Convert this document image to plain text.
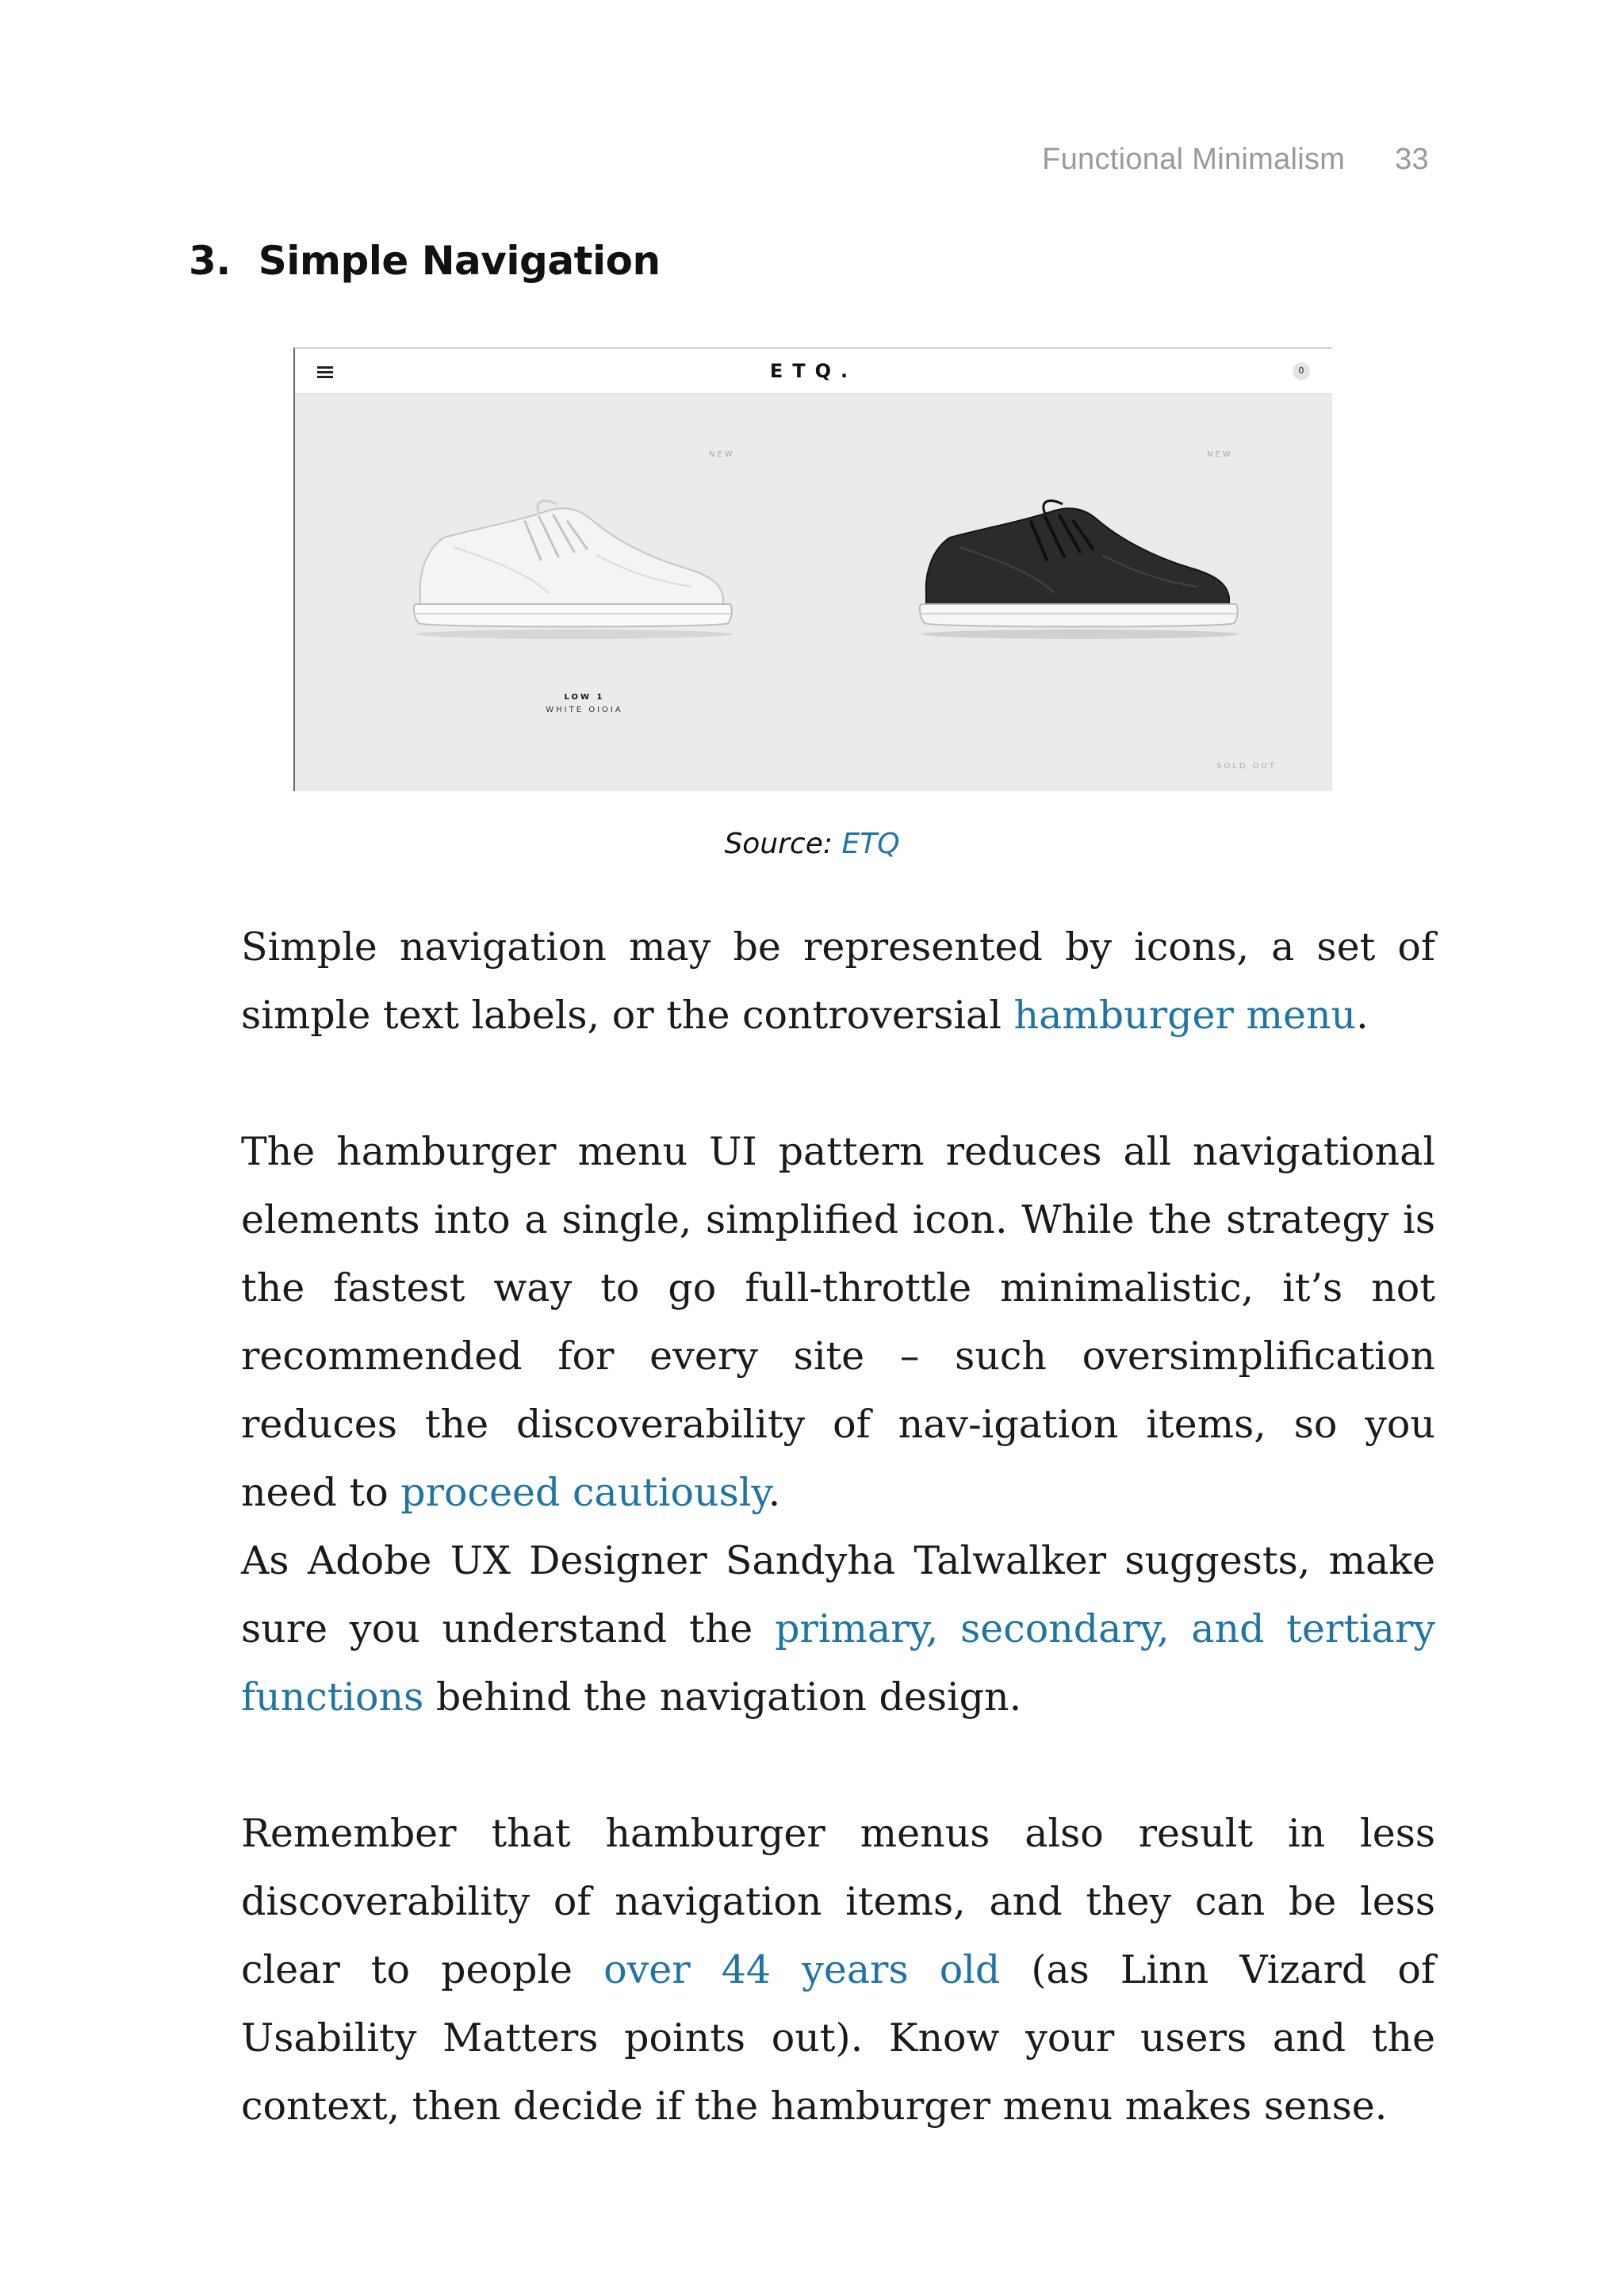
Functional Minimalism 33
3. Simple Navigation
ETQ.	0
NEW	NEW
LOW 1
WHITE OIOIA
SOLD OUT
Source: ETQ

Simple navigation may be represented by icons, a set of simple text labels, or the controversial hamburger menu.

The hamburger menu UI pattern reduces all navigational elements into a single, simplified icon. While the strategy is the fastest way to go full-throttle minimalistic, it’s not recommended for every site – such oversimplification reduces the discoverability of nav-igation items, so you need to proceed cautiously.

As Adobe UX Designer Sandyha Talwalker suggests, make sure you understand the primary, secondary, and tertiary functions behind the navigation design.

Remember that hamburger menus also result in less discoverability of navigation items, and they can be less clear to people over 44 years old (as Linn Vizard of Usability Matters points out). Know your users and the context, then decide if the hamburger menu makes sense.
